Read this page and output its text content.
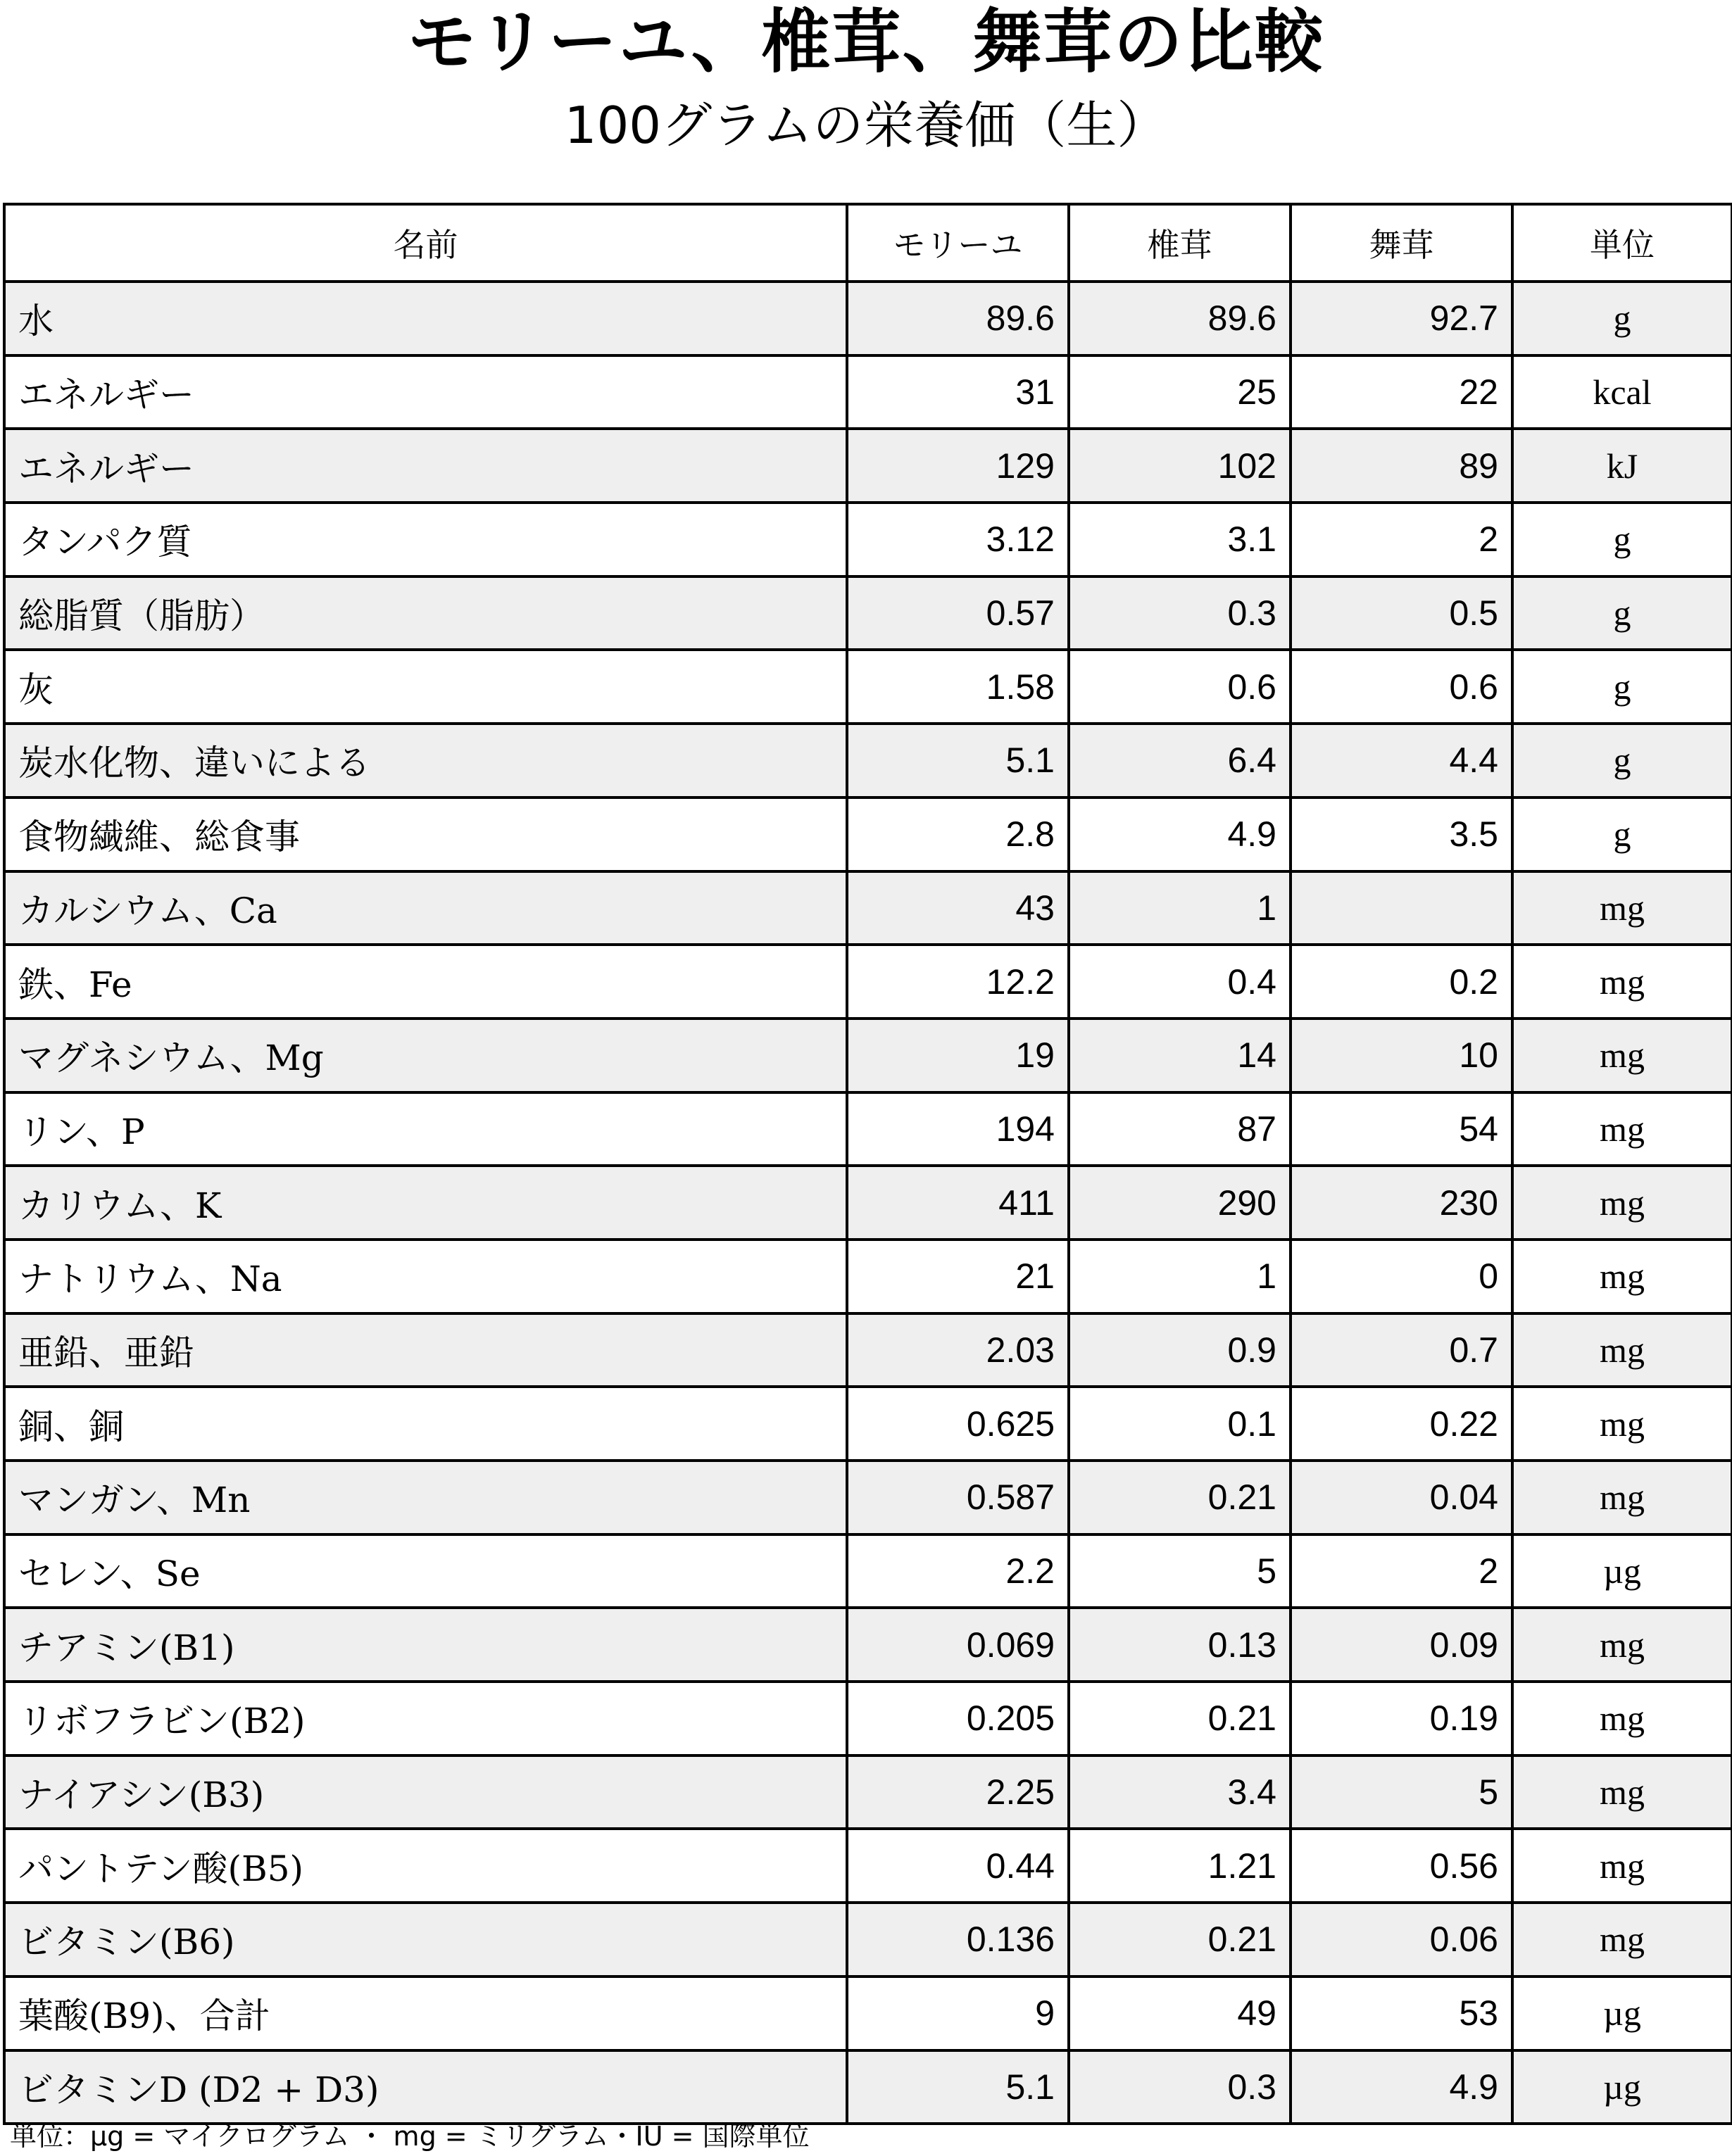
モリーユ、椎茸、舞茸の比較
100グラムの栄養価（生）
名前	モリーユ	椎茸	舞茸	単位
水	89.6	89.6	92.7	g
エネルギー	31	25	22	kcal
エネルギー	129	102	89	kJ
タンパク質	3.12	3.1	2	g
総脂質（脂肪）	0.57	0.3	0.5	g
灰	1.58	0.6	0.6	g
炭水化物、違いによる	5.1	6.4	4.4	g
食物繊維、総食事	2.8	4.9	3.5	g
カルシウム、Ca	43	1		mg
鉄、Fe	12.2	0.4	0.2	mg
マグネシウム、Mg	19	14	10	mg
リン、P	194	87	54	mg
カリウム、K	411	290	230	mg
ナトリウム、Na	21	1	0	mg
亜鉛、亜鉛	2.03	0.9	0.7	mg
銅、銅	0.625	0.1	0.22	mg
マンガン、Mn	0.587	0.21	0.04	mg
セレン、Se	2.2	5	2	µg
チアミン(B1)	0.069	0.13	0.09	mg
リボフラビン(B2)	0.205	0.21	0.19	mg
ナイアシン(B3)	2.25	3.4	5	mg
パントテン酸(B5)	0.44	1.21	0.56	mg
ビタミン(B6)	0.136	0.21	0.06	mg
葉酸(B9)、合計	9	49	53	µg
ビタミンD (D2 + D3)	5.1	0.3	4.9	µg
単位：µg = マイクログラム ・ mg = ミリグラム・IU = 国際単位
